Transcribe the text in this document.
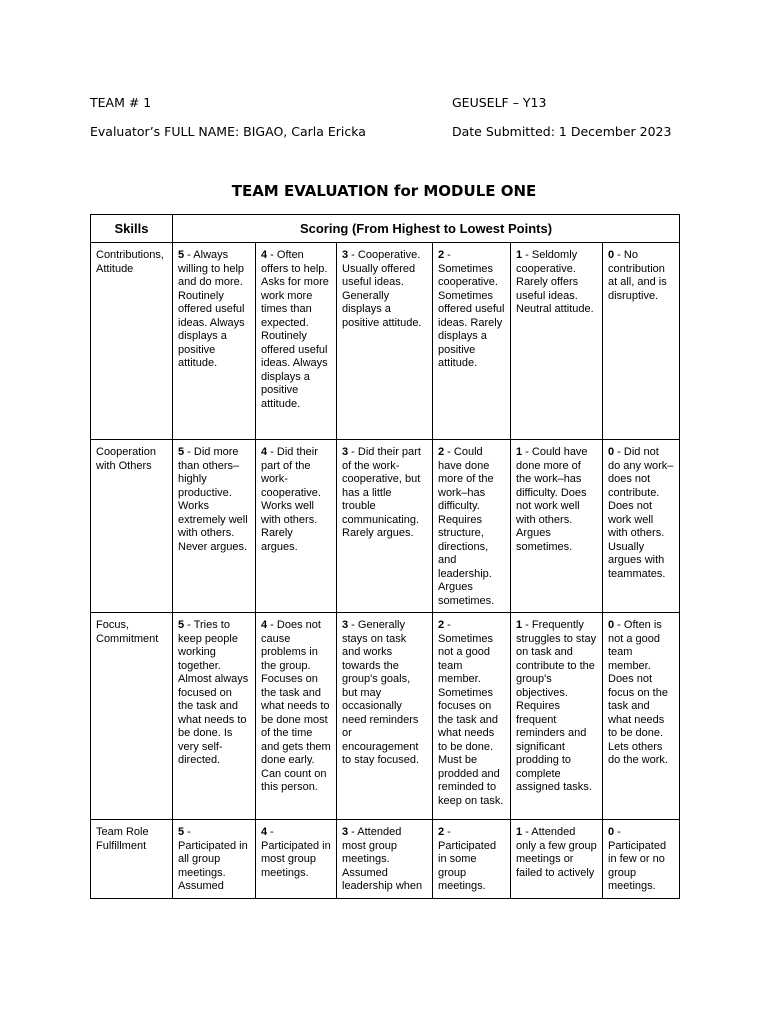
TEAM # 1	GEUSELF – Y13
Evaluator’s FULL NAME: BIGAO, Carla Ericka	Date Submitted: 1 December 2023
TEAM EVALUATION for MODULE ONE
Skills	Scoring (From Highest to Lowest Points)					
Contributions, Attitude	5 - Always willing to help and do more. Routinely offered useful ideas. Always displays a positive attitude.	4 - Often offers to help. Asks for more work more times than expected. Routinely offered useful ideas. Always displays a positive attitude.	3 - Cooperative. Usually offered useful ideas. Generally displays a positive attitude.	2 - Sometimes cooperative. Sometimes offered useful ideas. Rarely displays a positive attitude.	1 - Seldomly cooperative. Rarely offers useful ideas. Neutral attitude.	0 - No contribution at all, and is disruptive.
Cooperation with Others	5 - Did more than others–highly productive. Works extremely well with others. Never argues.	4 - Did their part of the work-cooperative. Works well with others. Rarely argues.	3 - Did their part of the work-cooperative, but has a little trouble communicating. Rarely argues.	2 - Could have done more of the work–has difficulty. Requires structure, directions, and leadership. Argues sometimes.	1 - Could have done more of the work–has difficulty. Does not work well with others. Argues sometimes.	0 - Did not do any work–does not contribute. Does not work well with others. Usually argues with teammates.
Focus, Commitment	5 - Tries to keep people working together. Almost always focused on the task and what needs to be done. Is very self-directed.	4 - Does not cause problems in the group. Focuses on the task and what needs to be done most of the time and gets them done early. Can count on this person.	3 - Generally stays on task and works towards the group's goals, but may occasionally need reminders or encouragement to stay focused.	2 - Sometimes not a good team member. Sometimes focuses on the task and what needs to be done. Must be prodded and reminded to keep on task.	1 - Frequently struggles to stay on task and contribute to the group's objectives. Requires frequent reminders and significant prodding to complete assigned tasks.	0 - Often is not a good team member. Does not focus on the task and what needs to be done. Lets others do the work.
Team Role Fulfillment	5 - Participated in all group meetings. Assumed	4 - Participated in most group meetings.	3 - Attended most group meetings. Assumed leadership when	2 - Participated in some group meetings.	1 - Attended only a few group meetings or failed to actively	0 - Participated in few or no group meetings.
